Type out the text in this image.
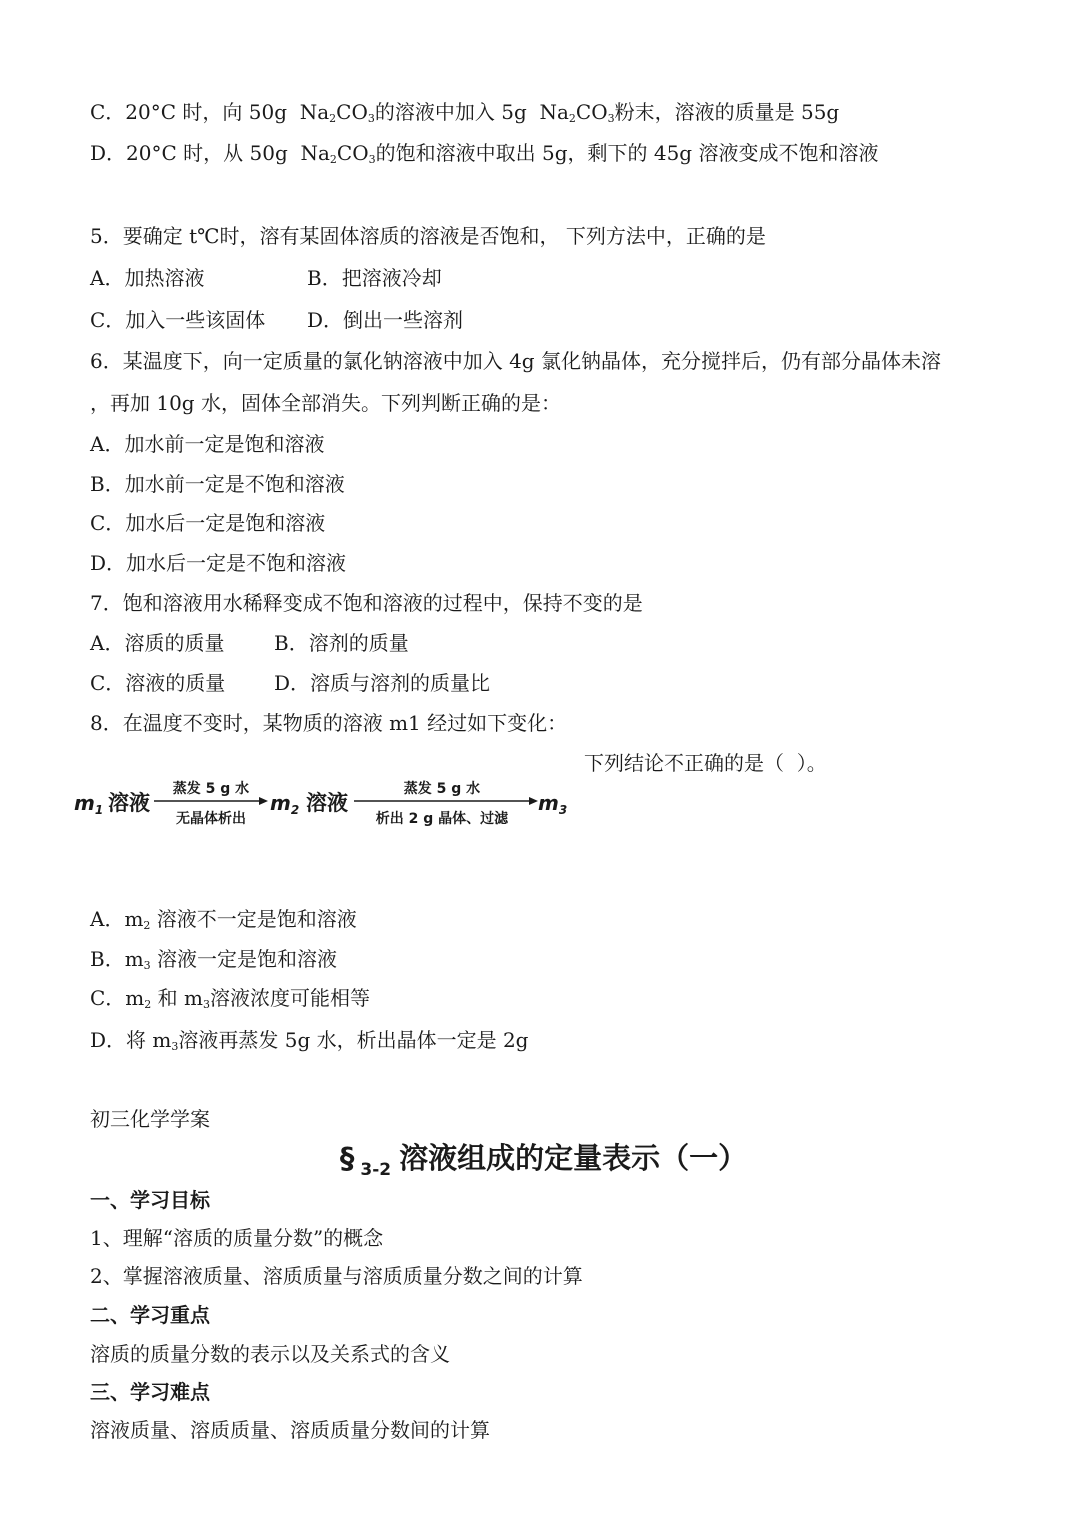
C．20°C 时，向 50g  $Na_2CO_3$的溶液中加入 5g  $Na_2CO_3$粉末，溶液的质量是 55g
D．20°C 时，从 50g  $Na_2CO_3$的饱和溶液中取出 5g，剩下的 45g 溶液变成不饱和溶液
5．要确定 t℃时，溶有某固体溶质的溶液是否饱和， 下列方法中，正确的是
A．加热溶液	B．把溶液冷却
C．加入一些该固体 D．倒出一些溶剂
6．某温度下，向一定质量的氯化钠溶液中加入 4g 氯化钠晶体，充分搅拌后，仍有部分晶体未溶
，再加 10g 水，固体全部消失。下列判断正确的是：
A．加水前一定是饱和溶液
B．加水前一定是不饱和溶液
C．加水后一定是饱和溶液
D．加水后一定是不饱和溶液
7．饱和溶液用水稀释变成不饱和溶液的过程中，保持不变的是
A．溶质的质量 B．溶剂的质量
C．溶液的质量 D．溶质与溶剂的质量比
8．在温度不变时，某物质的溶液 m1 经过如下变化：
下列结论不正确的是（  ）。
$m_1$ 溶液
蒸发 5 g 水
无晶体析出
$m_2$ 溶液
蒸发 5 g 水
析出 2 g 晶体、过滤
$m_3$
A．$m_2$ 溶液不一定是饱和溶液
B．$m_3$ 溶液一定是饱和溶液
C．$m_2$ 和 $m_3$溶液浓度可能相等
D．将 $m_3$溶液再蒸发 5g 水，析出晶体一定是 2g
初三化学学案
§ $_{3-2}$ 溶液组成的定量表示（一）
一、学习目标
1、理解“溶质的质量分数”的概念
2、掌握溶液质量、溶质质量与溶质质量分数之间的计算
二、学习重点
溶质的质量分数的表示以及关系式的含义
三、学习难点
溶液质量、溶质质量、溶质质量分数间的计算
